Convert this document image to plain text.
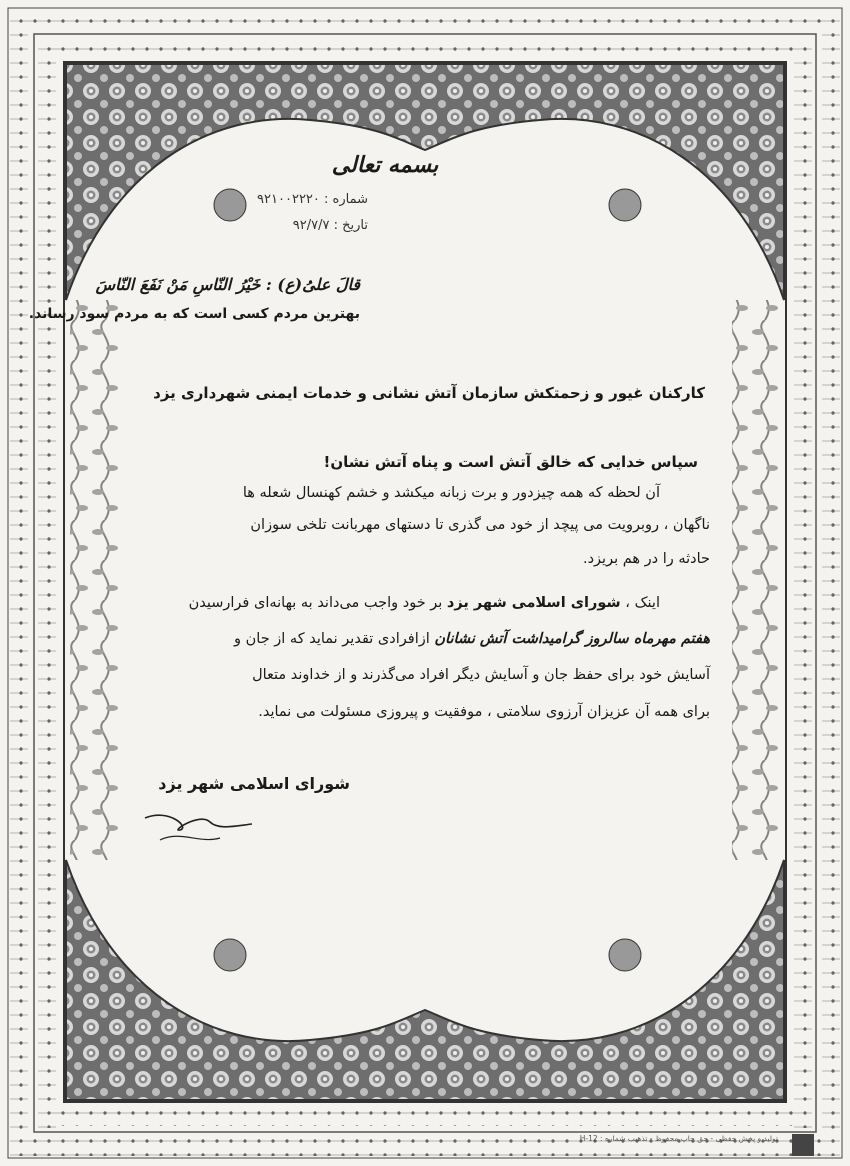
بسمه تعالی
شماره : ۹۲۱۰۰۲۲۲۰
تاریخ : ۹۲/۷/۷
قالَ علیُ(ع) : خَیْرُ النّاسِ مَنْ نَفَعَ النّاسَ
بهترین مردم کسی است که به مردم سود رساند.
کارکنان غیور و زحمتکش سازمان آتش نشانی و خدمات ایمنی شهرداری یزد
سپاس خدایی که خالق آتش است و پناه آتش نشان!
آن لحظه که همه چیزدور و برت زبانه میکشد و خشم کهنسال شعله ها
ناگهان ، روبرویت می پیچد از خود می گذری تا دستهای مهربانت تلخی سوزان
حادثه را در هم بریزد.
اینک ، شورای اسلامی شهر یزد بر خود واجب می‌داند به بهانه‌ای فرارسیدن
هفتم مهرماه سالروز گرامیداشت آتش نشانان ازافرادی تقدیر نماید که از جان و
آسایش خود برای حفظ جان و آسایش دیگر افراد می‌گذرند و از خداوند متعال
برای همه آن عزیزان آرزوی سلامتی ، موفقیت و پیروزی مسئولت می نماید.
شورای اسلامی شهر یزد
تولید و پخش حفظی - حق چاپ محفوظ - تذهیب شماره : H-12
